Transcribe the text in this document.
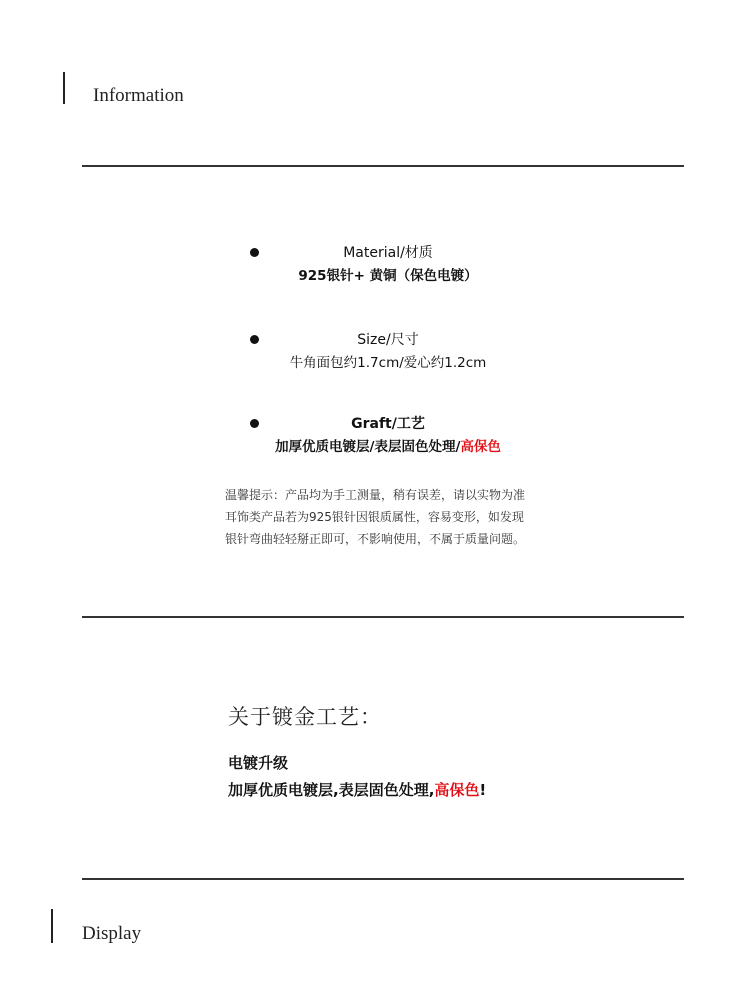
Information
Material/材质
925银针+ 黄铜（保色电镀）
Size/尺寸
牛角面包约1.7cm/爱心约1.2cm
Graft/工艺
加厚优质电镀层/表层固色处理/高保色
温馨提示：产品均为手工测量，稍有误差，请以实物为准
耳饰类产品若为925银针因银质属性，容易变形，如发现
银针弯曲轻轻掰正即可，不影响使用，不属于质量问题。
关于镀金工艺：
电镀升级
加厚优质电镀层,表层固色处理,高保色!
Display
